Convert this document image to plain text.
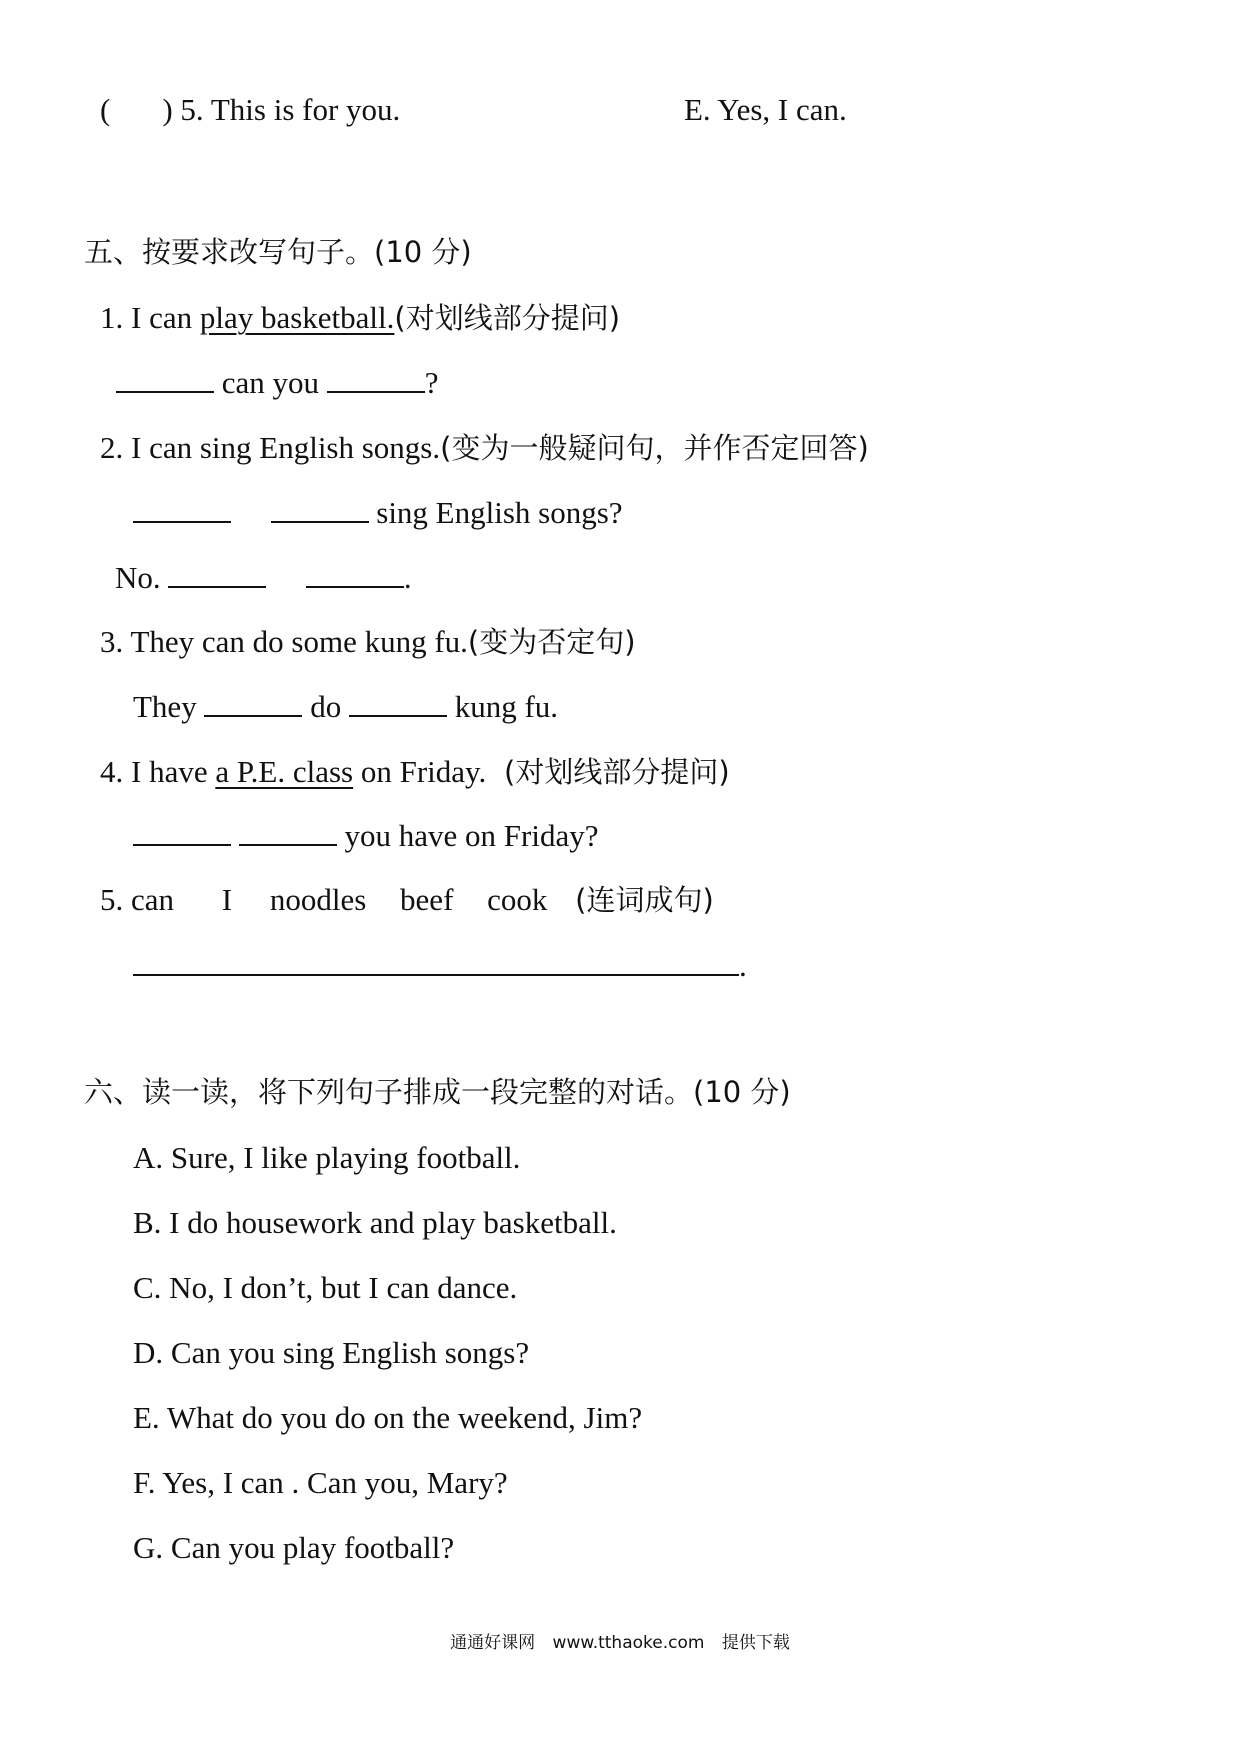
( ) 5. This is for you.	E. Yes, I can.
五、按要求改写句子。(10 分)
1. I can play basketball.(对划线部分提问)
can you	?
2. I can sing English songs.(变为一般疑问句，并作否定回答)
sing English songs?
No.	.
3. They can do some kung fu.(变为否定句)
They	do	kung fu.
4. I have a P.E. class on Friday. (对划线部分提问)
you have on Friday?
5. can I noodles beef cook (连词成句)
.
六、读一读，将下列句子排成一段完整的对话。(10 分)
A. Sure, I like playing football.
B. I do housework and play basketball.
C. No, I don’t, but I can dance.
D. Can you sing English songs?
E. What do you do on the weekend, Jim?
F. Yes, I can . Can you, Mary?
G. Can you play football?
通通好课网 www.tthaoke.com 提供下载
